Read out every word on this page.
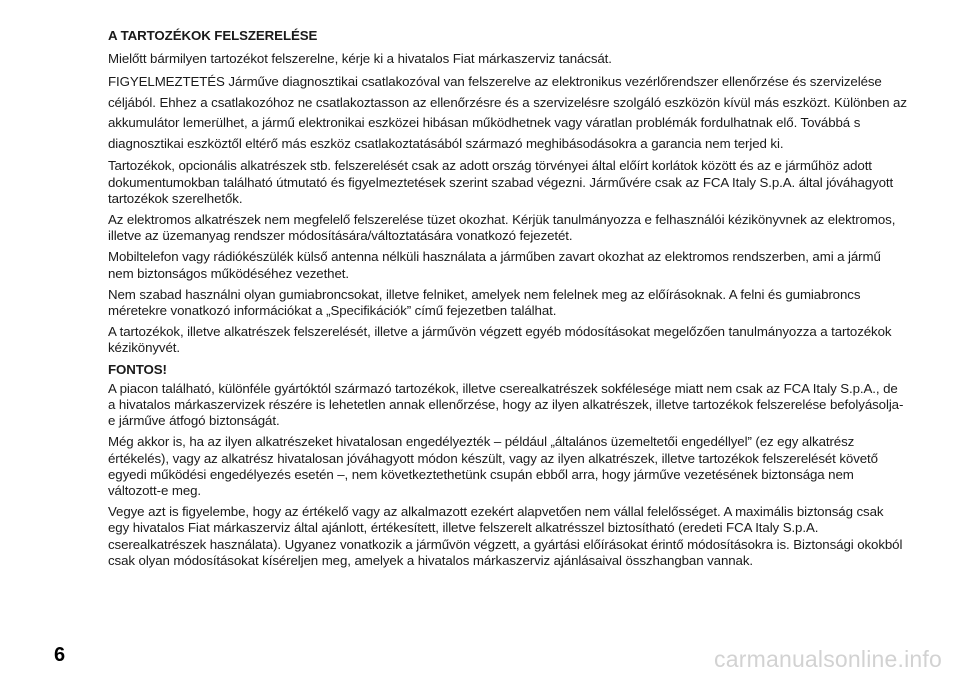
A TARTOZÉKOK FELSZERELÉSE

Mielőtt bármilyen tartozékot felszerelne, kérje ki a hivatalos Fiat márkaszerviz tanácsát.

FIGYELMEZTETÉS Járműve diagnosztikai csatlakozóval van felszerelve az elektronikus vezérlőrendszer ellenőrzése és szervizelése céljából. Ehhez a csatlakozóhoz ne csatlakoztasson az ellenőrzésre és a szervizelésre szolgáló eszközön kívül más eszközt. Különben az akkumulátor lemerülhet, a jármű elektronikai eszközei hibásan működhetnek vagy váratlan problémák fordulhatnak elő. Továbbá s diagnosztikai eszköztől eltérő más eszköz csatlakoztatásából származó meghibásodásokra a garancia nem terjed ki.

Tartozékok, opcionális alkatrészek stb. felszerelését csak az adott ország törvényei által előírt korlátok között és az e járműhöz adott dokumentumokban található útmutató és figyelmeztetések szerint szabad végezni. Járművére csak az FCA Italy S.p.A. által jóváhagyott tartozékok szerelhetők.

Az elektromos alkatrészek nem megfelelő felszerelése tüzet okozhat. Kérjük tanulmányozza e felhasználói kézikönyvnek az elektromos, illetve az üzemanyag rendszer módosítására/változtatására vonatkozó fejezetét.

Mobiltelefon vagy rádiókészülék külső antenna nélküli használata a járműben zavart okozhat az elektromos rendszerben, ami a jármű nem biztonságos működéséhez vezethet.

Nem szabad használni olyan gumiabroncsokat, illetve felniket, amelyek nem felelnek meg az előírásoknak. A felni és gumiabroncs méretekre vonatkozó információkat a „Specifikációk” című fejezetben találhat.

A tartozékok, illetve alkatrészek felszerelését, illetve a járművön végzett egyéb módosításokat megelőzően tanulmányozza a tartozékok kézikönyvét.

FONTOS!

A piacon található, különféle gyártóktól származó tartozékok, illetve cserealkatrészek sokfélesége miatt nem csak az FCA Italy S.p.A., de a hivatalos márkaszervizek részére is lehetetlen annak ellenőrzése, hogy az ilyen alkatrészek, illetve tartozékok felszerelése befolyásolja-e járműve átfogó biztonságát.

Még akkor is, ha az ilyen alkatrészeket hivatalosan engedélyezték – például „általános üzemeltetői engedéllyel” (ez egy alkatrész értékelés), vagy az alkatrész hivatalosan jóváhagyott módon készült, vagy az ilyen alkatrészek, illetve tartozékok felszerelését követő egyedi működési engedélyezés esetén –, nem következtethetünk csupán ebből arra, hogy járműve vezetésének biztonsága nem változott-e meg.

Vegye azt is figyelembe, hogy az értékelő vagy az alkalmazott ezekért alapvetően nem vállal felelősséget. A maximális biztonság csak egy hivatalos Fiat márkaszerviz által ajánlott, értékesített, illetve felszerelt alkatrésszel biztosítható (eredeti FCA Italy S.p.A. cserealkatrészek használata). Ugyanez vonatkozik a járművön végzett, a gyártási előírásokat érintő módosításokra is. Biztonsági okokból csak olyan módosításokat kíséreljen meg, amelyek a hivatalos márkaszerviz ajánlásaival összhangban vannak.

6	carmanualsonline.info
